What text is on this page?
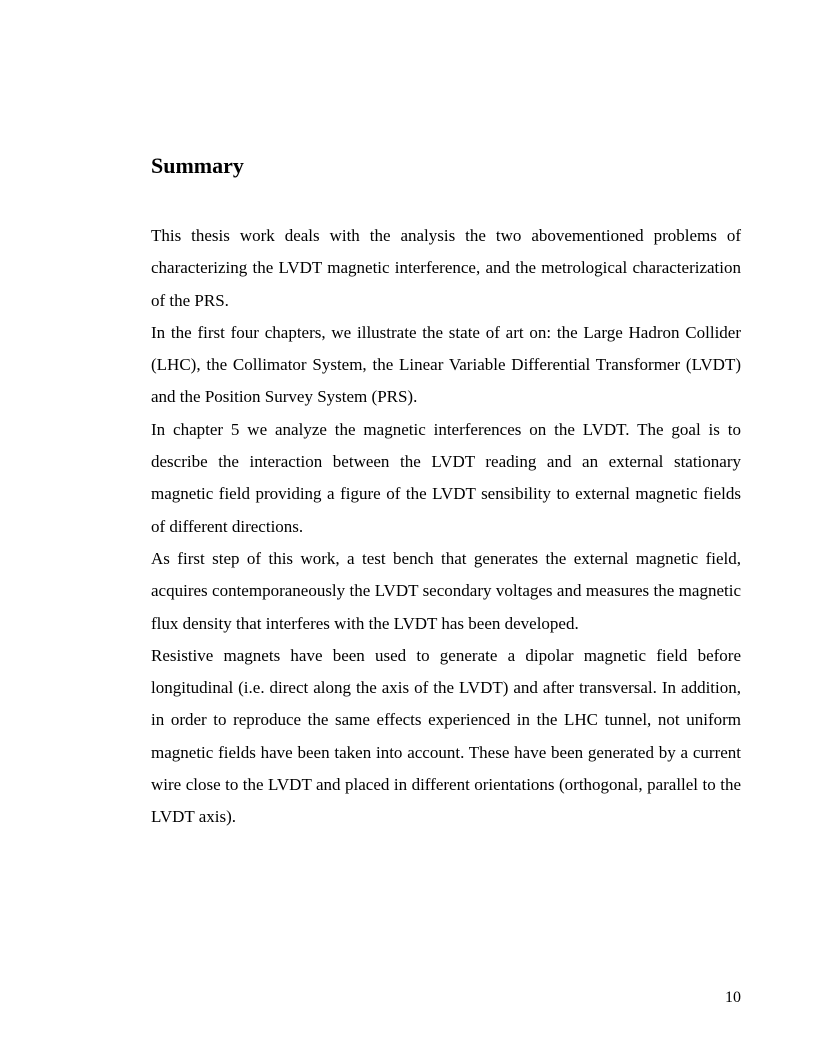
Summary

This thesis work deals with the analysis the two abovementioned problems of characterizing the LVDT magnetic interference, and the metrological characterization of the PRS.

In the first four chapters, we illustrate the state of art on: the Large Hadron Collider (LHC), the Collimator System, the Linear Variable Differential Transformer (LVDT) and the Position Survey System (PRS).

In chapter 5 we analyze the magnetic interferences on the LVDT. The goal is to describe the interaction between the LVDT reading and an external stationary magnetic field providing a figure of the LVDT sensibility to external magnetic fields of different directions.

As first step of this work, a test bench that generates the external magnetic field, acquires contemporaneously the LVDT secondary voltages and measures the magnetic flux density that interferes with the LVDT has been developed.

Resistive magnets have been used to generate a dipolar magnetic field before longitudinal (i.e. direct along the axis of the LVDT) and after transversal. In addition, in order to reproduce the same effects experienced in the LHC tunnel, not uniform magnetic fields have been taken into account. These have been generated by a current wire close to the LVDT and placed in different orientations (orthogonal, parallel to the LVDT axis).

10
